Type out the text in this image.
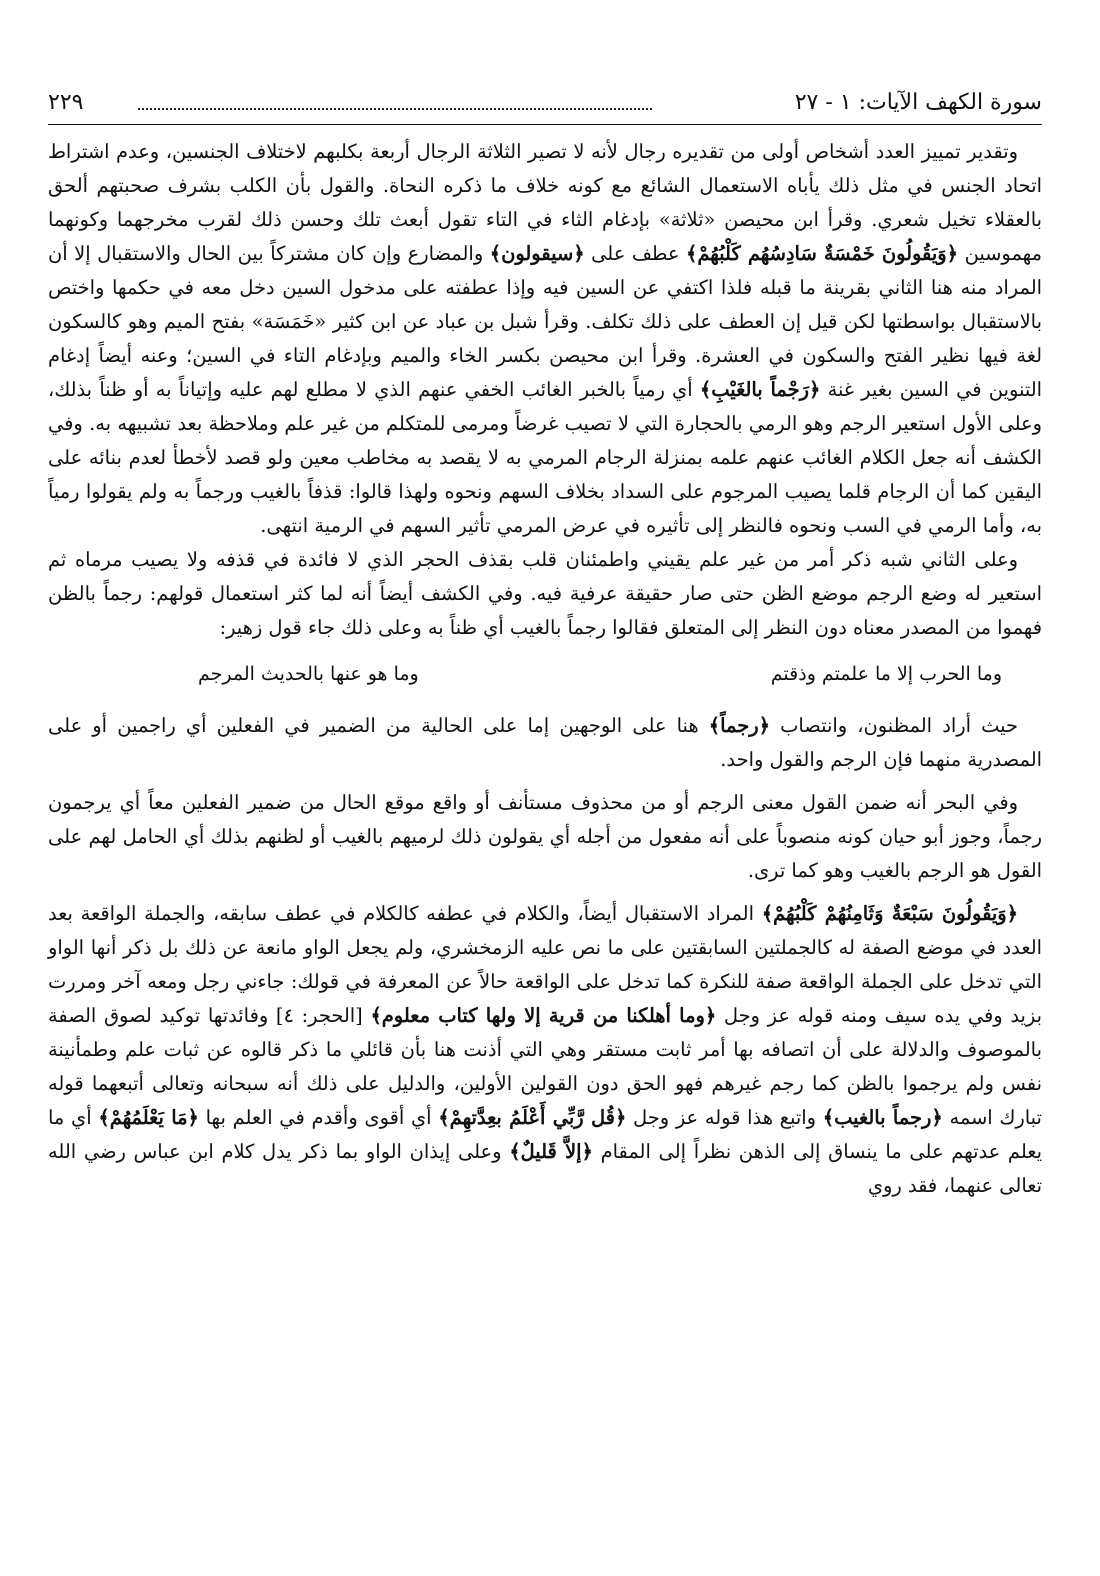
سورة الكهف الآيات: ١ - ٢٧
٢٢٩

وتقدير تمييز العدد أشخاص أولى من تقديره رجال لأنه لا تصير الثلاثة الرجال أربعة بكلبهم لاختلاف الجنسين، وعدم اشتراط اتحاد الجنس في مثل ذلك يأباه الاستعمال الشائع مع كونه خلاف ما ذكره النحاة. والقول بأن الكلب بشرف صحبتهم ألحق بالعقلاء تخيل شعري. وقرأ ابن محيصن «ثلاثة» بإدغام الثاء في التاء تقول أبعث تلك وحسن ذلك لقرب مخرجهما وكونهما مهموسين ﴿وَيَقُولُونَ خَمْسَةٌ سَادِسُهُم كَلْبُهُمْ﴾ عطف على ﴿سيقولون﴾ والمضارع وإن كان مشتركاً بين الحال والاستقبال إلا أن المراد منه هنا الثاني بقرينة ما قبله فلذا اكتفي عن السين فيه وإذا عطفته على مدخول السين دخل معه في حكمها واختص بالاستقبال بواسطتها لكن قيل إن العطف على ذلك تكلف. وقرأ شبل بن عباد عن ابن كثير «خَمَسَة» بفتح الميم وهو كالسكون لغة فيها نظير الفتح والسكون في العشرة. وقرأ ابن محيصن بكسر الخاء والميم وبإدغام التاء في السين؛ وعنه أيضاً إدغام التنوين في السين بغير غنة ﴿رَجْماً بالغَيْبِ﴾ أي رمياً بالخبر الغائب الخفي عنهم الذي لا مطلع لهم عليه وإتياناً به أو ظناً بذلك، وعلى الأول استعير الرجم وهو الرمي بالحجارة التي لا تصيب غرضاً ومرمى للمتكلم من غير علم وملاحظة بعد تشبيهه به. وفي الكشف أنه جعل الكلام الغائب عنهم علمه بمنزلة الرجام المرمي به لا يقصد به مخاطب معين ولو قصد لأخطأ لعدم بنائه على اليقين كما أن الرجام قلما يصيب المرجوم على السداد بخلاف السهم ونحوه ولهذا قالوا: قذفاً بالغيب ورجماً به ولم يقولوا رمياً به، وأما الرمي في السب ونحوه فالنظر إلى تأثيره في عرض المرمي تأثير السهم في الرمية انتهى.

وعلى الثاني شبه ذكر أمر من غير علم يقيني واطمئنان قلب بقذف الحجر الذي لا فائدة في قذفه ولا يصيب مرماه ثم استعير له وضع الرجم موضع الظن حتى صار حقيقة عرفية فيه. وفي الكشف أيضاً أنه لما كثر استعمال قولهم: رجماً بالظن فهموا من المصدر معناه دون النظر إلى المتعلق فقالوا رجماً بالغيب أي ظناً به وعلى ذلك جاء قول زهير:

وما الحرب إلا ما علمتم وذقتم
وما هو عنها بالحديث المرجم

حيث أراد المظنون، وانتصاب ﴿رجماً﴾ هنا على الوجهين إما على الحالية من الضمير في الفعلين أي راجمين أو على المصدرية منهما فإن الرجم والقول واحد.

وفي البحر أنه ضمن القول معنى الرجم أو من محذوف مستأنف أو واقع موقع الحال من ضمير الفعلين معاً أي يرجمون رجماً، وجوز أبو حيان كونه منصوباً على أنه مفعول من أجله أي يقولون ذلك لرميهم بالغيب أو لظنهم بذلك أي الحامل لهم على القول هو الرجم بالغيب وهو كما ترى.

﴿وَيَقُولُونَ سَبْعَةٌ وَثَامِنُهُمْ كَلْبُهُمْ﴾ المراد الاستقبال أيضاً، والكلام في عطفه كالكلام في عطف سابقه، والجملة الواقعة بعد العدد في موضع الصفة له كالجملتين السابقتين على ما نص عليه الزمخشري، ولم يجعل الواو مانعة عن ذلك بل ذكر أنها الواو التي تدخل على الجملة الواقعة صفة للنكرة كما تدخل على الواقعة حالاً عن المعرفة في قولك: جاءني رجل ومعه آخر ومررت بزيد وفي يده سيف ومنه قوله عز وجل ﴿وما أهلكنا من قرية إلا ولها كتاب معلوم﴾ [الحجر: ٤] وفائدتها توكيد لصوق الصفة بالموصوف والدلالة على أن اتصافه بها أمر ثابت مستقر وهي التي أذنت هنا بأن قائلي ما ذكر قالوه عن ثبات علم وطمأنينة نفس ولم يرجموا بالظن كما رجم غيرهم فهو الحق دون القولين الأولين، والدليل على ذلك أنه سبحانه وتعالى أتبعهما قوله تبارك اسمه ﴿رجماً بالغيب﴾ واتبع هذا قوله عز وجل ﴿قُل رَّبِّي أَعْلَمُ بعِدَّتهِمْ﴾ أي أقوى وأقدم في العلم بها ﴿مَا يَعْلَمُهُمْ﴾ أي ما يعلم عدتهم على ما ينساق إلى الذهن نظراً إلى المقام ﴿إلاَّ قَليلٌ﴾ وعلى إيذان الواو بما ذكر يدل كلام ابن عباس رضي الله تعالى عنهما، فقد روي
